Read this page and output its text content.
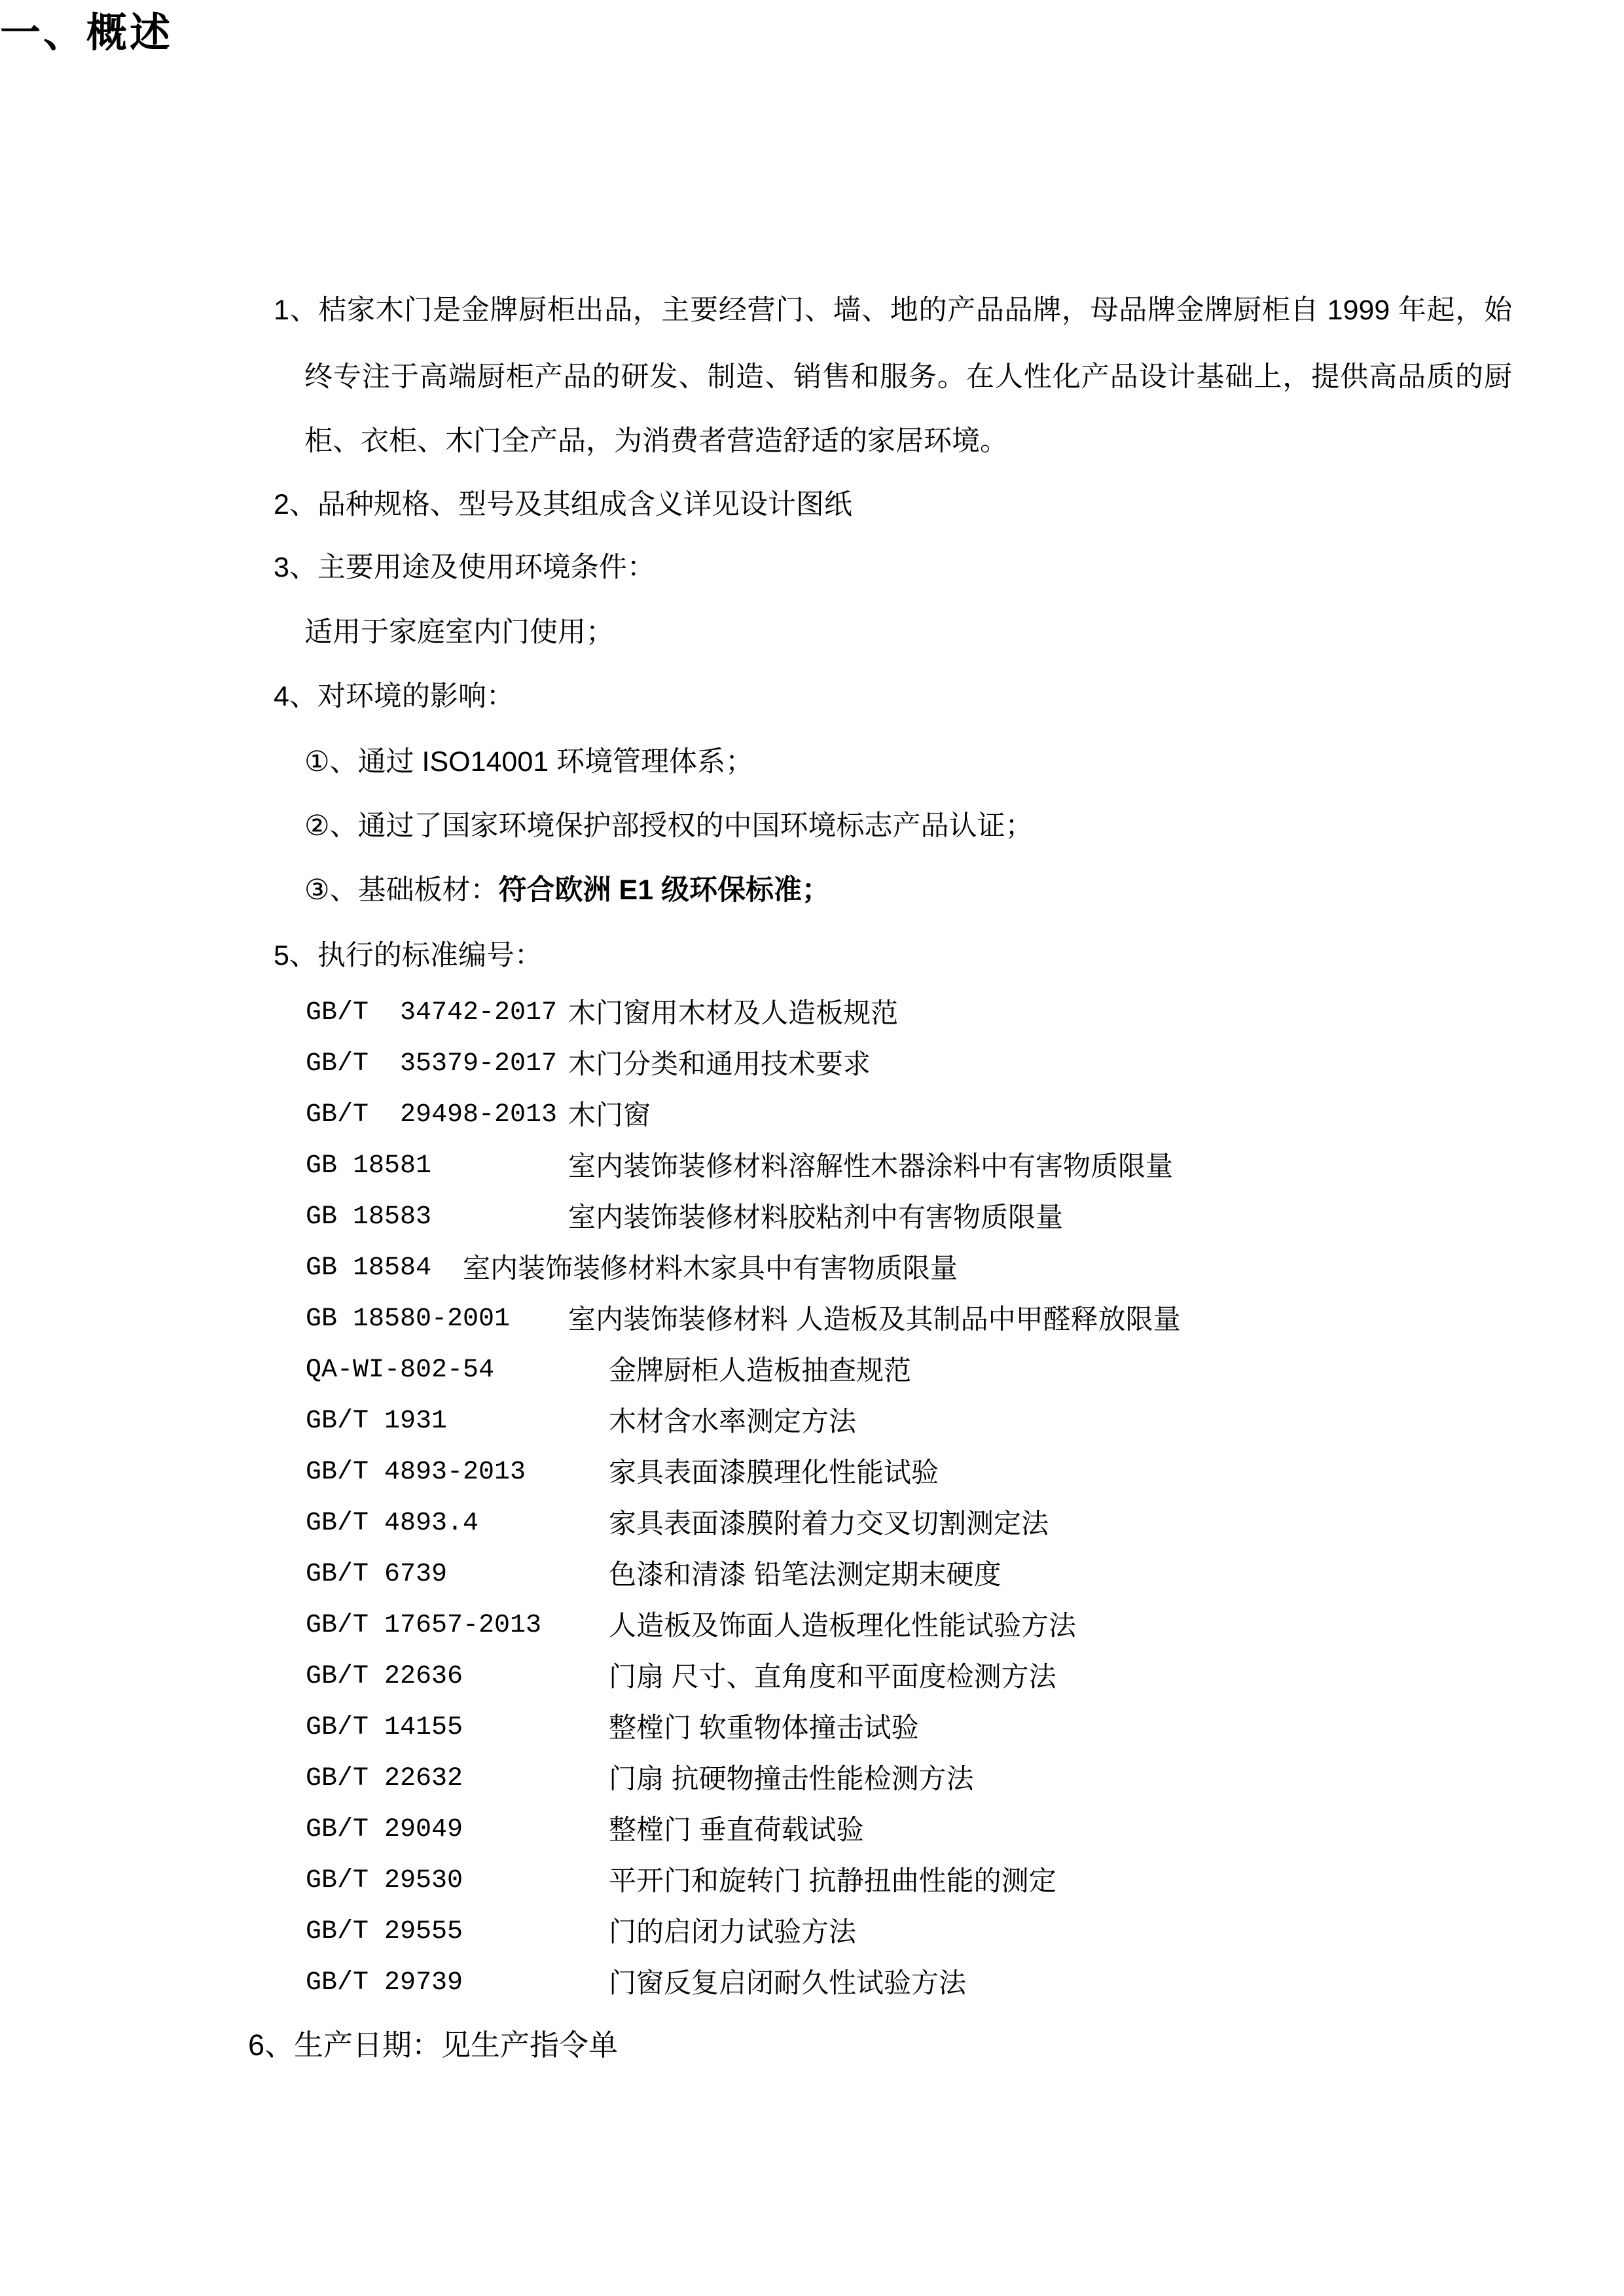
一、概述
1、桔家木门是金牌厨柜出品，主要经营门、墙、地的产品品牌，母品牌金牌厨柜自 1999 年起，始
终专注于高端厨柜产品的研发、制造、销售和服务。在人性化产品设计基础上，提供高品质的厨
柜、衣柜、木门全产品，为消费者营造舒适的家居环境。
2、品种规格、型号及其组成含义详见设计图纸
3、主要用途及使用环境条件：
适用于家庭室内门使用；
4、对环境的影响：
①、通过 ISO14001 环境管理体系；
②、通过了国家环境保护部授权的中国环境标志产品认证；
③、基础板材：符合欧洲 E1 级环保标准；
5、执行的标准编号：
GB/T  34742-2017 木门窗用木材及人造板规范
GB/T  35379-2017 木门分类和通用技术要求
GB/T  29498-2013 木门窗
GB 18581	室内装饰装修材料溶解性木器涂料中有害物质限量
GB 18583	室内装饰装修材料胶粘剂中有害物质限量
GB 18584 室内装饰装修材料木家具中有害物质限量
GB 18580-2001 室内装饰装修材料 人造板及其制品中甲醛释放限量
QA-WI-802-54	金牌厨柜人造板抽查规范
GB/T 1931	木材含水率测定方法
GB/T 4893-2013	家具表面漆膜理化性能试验
GB/T 4893.4	家具表面漆膜附着力交叉切割测定法
GB/T 6739	色漆和清漆 铅笔法测定期末硬度
GB/T 17657-2013 人造板及饰面人造板理化性能试验方法
GB/T 22636	门扇 尺寸、直角度和平面度检测方法
GB/T 14155	整樘门 软重物体撞击试验
GB/T 22632	门扇 抗硬物撞击性能检测方法
GB/T 29049	整樘门 垂直荷载试验
GB/T 29530	平开门和旋转门 抗静扭曲性能的测定
GB/T 29555	门的启闭力试验方法
GB/T 29739	门窗反复启闭耐久性试验方法
6、生产日期：见生产指令单
